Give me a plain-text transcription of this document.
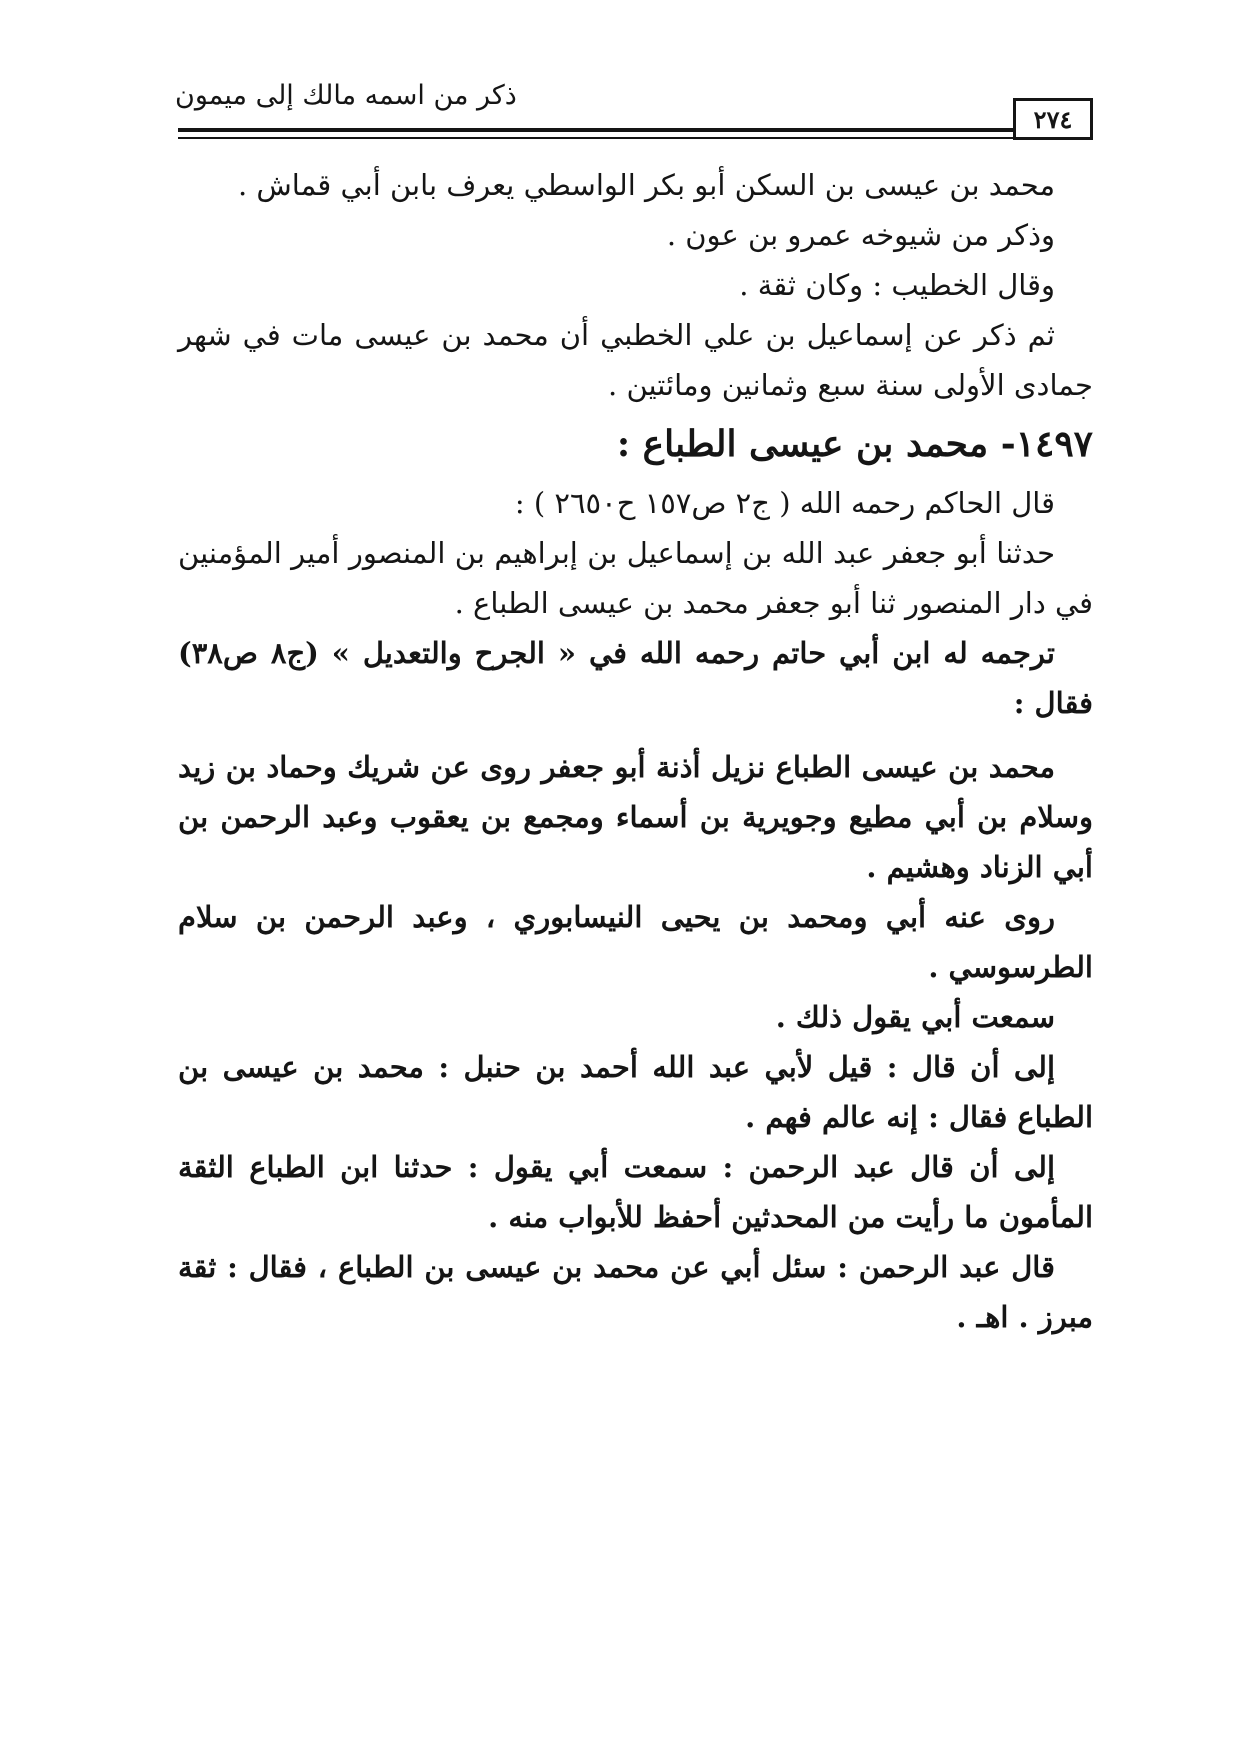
ذكر من اسمه مالك إلى ميمون
٢٧٤

محمد بن عيسى بن السكن أبو بكر الواسطي يعرف بابن أبي قماش .

وذكر من شيوخه عمرو بن عون .

وقال الخطيب : وكان ثقة .

ثم ذكر عن إسماعيل بن علي الخطبي أن محمد بن عيسى مات في شهر جمادى الأولى سنة سبع وثمانين ومائتين .

١٤٩٧- محمد بن عيسى الطباع :

قال الحاكم رحمه الله ( ج٢ ص١٥٧ ح٢٦٥٠ ) :

حدثنا أبو جعفر عبد الله بن إسماعيل بن إبراهيم بن المنصور أمير المؤمنين في دار المنصور ثنا أبو جعفر محمد بن عيسى الطباع .

ترجمه له ابن أبي حاتم رحمه الله في « الجرح والتعديل » (ج٨ ص٣٨) فقال :

محمد بن عيسى الطباع نزيل أذنة أبو جعفر روى عن شريك وحماد بن زيد وسلام بن أبي مطيع وجويرية بن أسماء ومجمع بن يعقوب وعبد الرحمن بن أبي الزناد وهشيم .

روى عنه أبي ومحمد بن يحيى النيسابوري ، وعبد الرحمن بن سلام الطرسوسي .

سمعت أبي يقول ذلك .

إلى أن قال : قيل لأبي عبد الله أحمد بن حنبل : محمد بن عيسى بن الطباع فقال : إنه عالم فهم .

إلى أن قال عبد الرحمن : سمعت أبي يقول : حدثنا ابن الطباع الثقة المأمون ما رأيت من المحدثين أحفظ للأبواب منه .

قال عبد الرحمن : سئل أبي عن محمد بن عيسى بن الطباع ، فقال : ثقة مبرز . اهـ .
